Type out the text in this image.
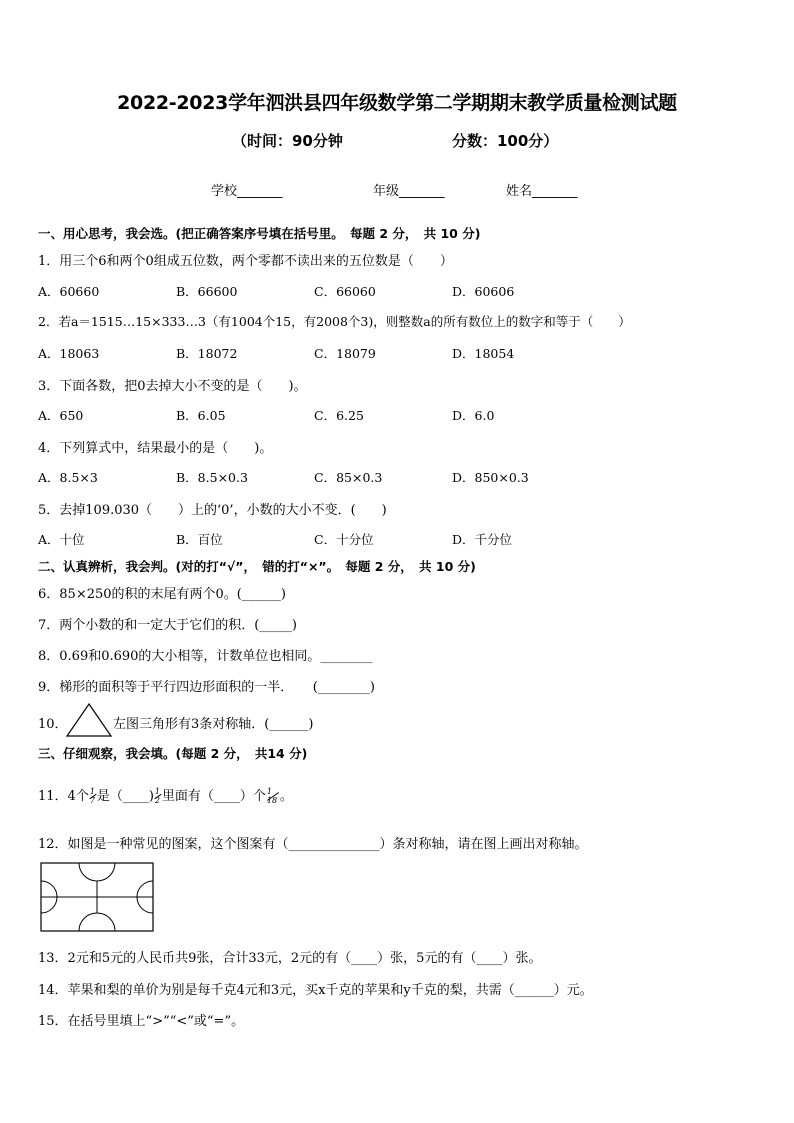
2022-2023学年泗洪县四年级数学第二学期期末教学质量检测试题
（时间：90分钟	分数：100分）
学校_______	年级_______	姓名_______
一、用心思考，我会选。(把正确答案序号填在括号里。　每题 2 分，　共 10 分)
1．用三个6和两个0组成五位数，两个零都不读出来的五位数是（　　）
A．60660	B．66600	C．66060	D．60606
2．若a＝1515…15×333…3（有1004个15，有2008个3)，则整数a的所有数位上的数字和等于（　　）
A．18063	B．18072	C．18079	D．18054
3．下面各数，把0去掉大小不变的是（　　)。
A．650	B．6.05	C．6.25	D．6.0
4．下列算式中，结果最小的是（　　)。
A．8.5×3	B．8.5×0.3	C．85×0.3	D．850×0.3
5．去掉109.030（　　）上的‘0’，小数的大小不变．(　　)
A．十位	B．百位	C．十分位	D．千分位
二、认真辨析，我会判。(对的打“√”，　错的打“×”。　每题 2 分，　共 10 分)
6．85×250的积的末尾有两个0。(______)
7．两个小数的和一定大于它们的积．(_____)
8．0.69和0.690的大小相等，计数单位也相同。________
9．梯形的面积等于平行四边形面积的一半．　　(________)
10．	左图三角形有3条对称轴．(______)
三、仔细观察，我会填。(每题 2 分，　共14 分)
11．4个 1
7 是（____) 1
2 里面有（____）个 1
18 。
12．如图是一种常见的图案，这个图案有（______________）条对称轴，请在图上画出对称轴。
13．2元和5元的人民币共9张，合计33元，2元的有（____）张，5元的有（____）张。
14．苹果和梨的单价为别是每千克4元和3元，买x千克的苹果和y千克的梨，共需（______）元。
15．在括号里填上“>”“<”或“=”。
